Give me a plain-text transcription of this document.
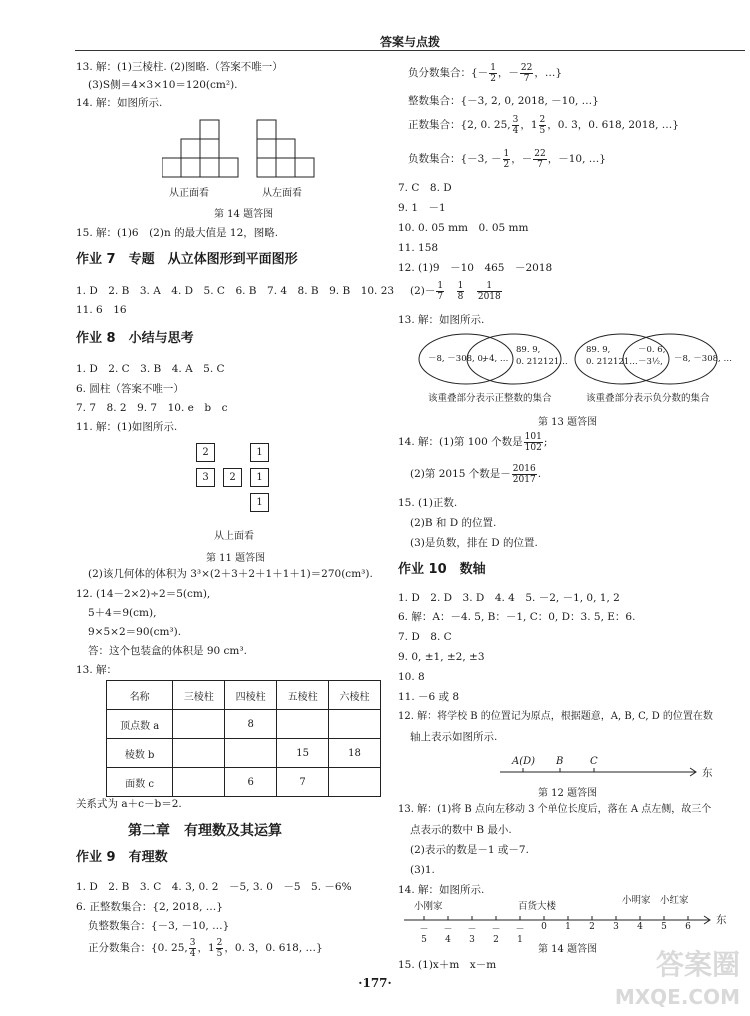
答案与点拨
13. 解：(1)三棱柱. (2)图略.（答案不唯一）
(3)S侧＝4×3×10＝120(cm²).
14. 解：如图所示.
从正面看	从左面看
第 14 题答图
15. 解：(1)6　(2)n 的最大值是 12，图略.
作业 7　专题　从立体图形到平面图形
1. D　2. B　3. A　4. D　5. C　6. B　7. 4　8. B　9. B　10. 23
11. 6　16
作业 8　小结与思考
1. D　2. C　3. B　4. A　5. C
6. 圆柱（答案不唯一）
7. 7　8. 2　9. 7　10. e　b　c
11. 解：(1)如图所示.
2	1
3	2	1
1
从上面看
第 11 题答图
(2)该几何体的体积为 3³×(2＋3＋2＋1＋1＋1)＝270(cm³).
12. (14－2×2)÷2＝5(cm),
5＋4＝9(cm),
9×5×2＝90(cm³).
答：这个包装盒的体积是 90 cm³.
13. 解：
名称	三棱柱	四棱柱	五棱柱	六棱柱
顶点数 a		8		
棱数 b			15	18
面数 c		6	7	
关系式为 a＋c－b＝2.
第二章　有理数及其运算
作业 9　有理数
1. D　2. B　3. C　4. 3, 0. 2　－5, 3. 0　－5　5. －6%
6. 正整数集合：{2, 2018, …}
负整数集合：{－3, －10, …}
正分数集合：{0. 25, $\frac{3}{4}$ ，$1 \frac{2}{5}$ ，0. 3̇，0. 618, …}
负分数集合：{－ $\frac{1}{2}$ ，－ $\frac{22}{7}$ ，…}
整数集合：{－3, 2, 0, 2018, －10, …}
正数集合：{2, 0. 25, $\frac{3}{4}$ ，$1 \frac{2}{5}$ ，0. 3̇，0. 618, 2018, …}
负数集合：{－3, － $\frac{1}{2}$ ，－ $\frac{22}{7}$ ，－10, …}
7. C　8. D
9. 1　－1
10. 0. 05 mm　0. 05 mm
11. 158
12. (1)9　－10　465　－2018
$(2)- \frac{1}{7}$
　 $\frac{1}{8}$
　 $\frac{1}{2018}$
13. 解：如图所示.
－8, －308, 0,
+4, …
89. 9,
0. 212121…
该重叠部分表示正整数的集合
89. 9,
0. 212121…
－0. 6,
－3½,	－8, －308, …
该重叠部分表示负分数的集合
第 13 题答图
14. 解：(1)第 100 个数是 $\frac{101}{102}$ ;
(2)第 2015 个数是－ $\frac{2016}{2017}$ .
15. (1)正数.
(2)B 和 D 的位置.
(3)是负数，排在 D 的位置.
作业 10　数轴
1. D　2. D　3. D　4. 4　5. －2, －1, 0, 1, 2
6. 解：A：－4. 5, B：－1, C：0, D：3. 5, E：6.
7. D　8. C
9. 0, ±1, ±2, ±3
10. 8
11. －6 或 8
12. 解：将学校 B 的位置记为原点，根据题意，A, B, C, D 的位置在数
轴上表示如图所示.
A(D) B	C
东
第 12 题答图
13. 解：(1)将 B 点向左移动 3 个单位长度后，落在 A 点左侧，故三个
点表示的数中 B 最小.
(2)表示的数是－1 或－7.
(3)1.
14. 解：如图所示.
小刚家	百货大楼
小明家 小红家
－5
－4
－3
－2
－1
0	1	2	3	4	5	6
东
第 14 题答图
15. (1)x＋m　x－m
·177·
答案圈
MXQE.COM
